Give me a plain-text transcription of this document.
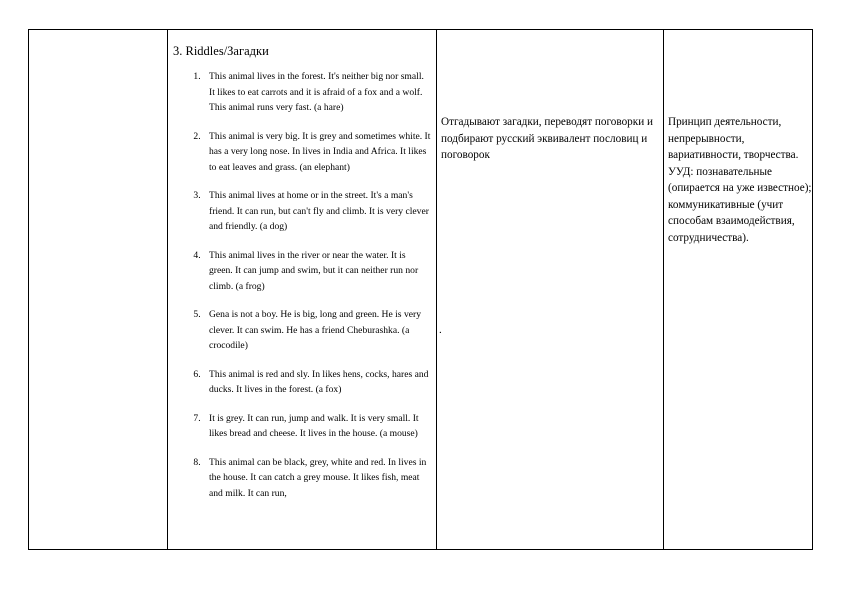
3. Riddles/Загадки
1. This animal lives in the forest. It's neither big nor small. It likes to eat carrots and it is afraid of a fox and a wolf. This animal runs very fast. (a hare)
2. This animal is very big. It is grey and sometimes white. It has a very long nose. In lives in India and Africa. It likes to eat leaves and grass. (an elephant)
3. This animal lives at home or in the street. It's a man's friend. It can run, but can't fly and climb. It is very clever and friendly. (a dog)
4. This animal lives in the river or near the water. It is green. It can jump and swim, but it can neither run nor climb. (a frog)
5. Gena is not a boy. He is big, long and green. He is very clever. It can swim. He has a friend Cheburashka. (a crocodile)
6. This animal is red and sly. In likes hens, cocks, hares and ducks. It lives in the forest. (a fox)
7. It is grey. It can run, jump and walk. It is very small. It likes bread and cheese. It lives in the house. (a mouse)
8. This animal can be black, grey, white and red. In lives in the house. It can catch a grey mouse. It likes fish, meat and milk. It can run,

Отгадывают загадки, переводят поговорки и подбирают русский эквивалент пословиц и поговорок

.

Принцип деятельности, непрерывности, вариативности, творчества. УУД: познавательные (опирается на уже известное); коммуникативные (учит способам взаимодействия, сотрудничества).
